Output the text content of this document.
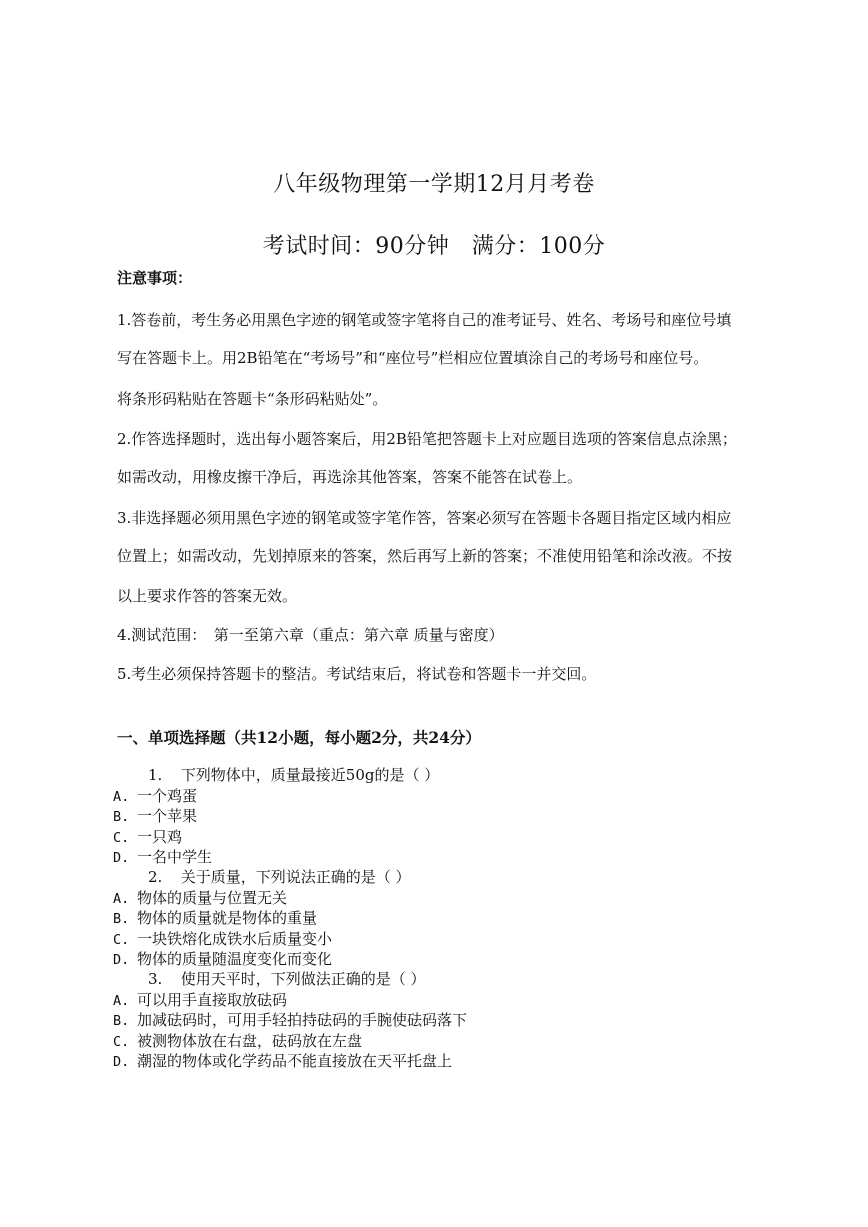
八年级物理第一学期12月月考卷
考试时间：90分钟　满分：100分
注意事项：
1.答卷前，考生务必用黑色字迹的钢笔或签字笔将自己的准考证号、姓名、考场号和座位号填
写在答题卡上。用2B铅笔在“考场号”和“座位号”栏相应位置填涂自己的考场号和座位号。
将条形码粘贴在答题卡“条形码粘贴处”。
2.作答选择题时，选出每小题答案后，用2B铅笔把答题卡上对应题目选项的答案信息点涂黑；
如需改动，用橡皮擦干净后，再选涂其他答案，答案不能答在试卷上。
3.非选择题必须用黑色字迹的钢笔或签字笔作答，答案必须写在答题卡各题目指定区域内相应
位置上；如需改动，先划掉原来的答案，然后再写上新的答案；不准使用铅笔和涂改液。不按
以上要求作答的答案无效。
4.测试范围：　第一至第六章（重点：第六章 质量与密度）
5.考生必须保持答题卡的整洁。考试结束后，将试卷和答题卡一并交回。
一、单项选择题（共12小题，每小题2分，共24分）
1. 下列物体中，质量最接近50g的是（ ）
A. 一个鸡蛋
B. 一个苹果
C. 一只鸡
D. 一名中学生
2. 关于质量，下列说法正确的是（ ）
A. 物体的质量与位置无关
B. 物体的质量就是物体的重量
C. 一块铁熔化成铁水后质量变小
D. 物体的质量随温度变化而变化
3. 使用天平时，下列做法正确的是（ ）
A. 可以用手直接取放砝码
B. 加减砝码时，可用手轻拍持砝码的手腕使砝码落下
C. 被测物体放在右盘，砝码放在左盘
D. 潮湿的物体或化学药品不能直接放在天平托盘上
